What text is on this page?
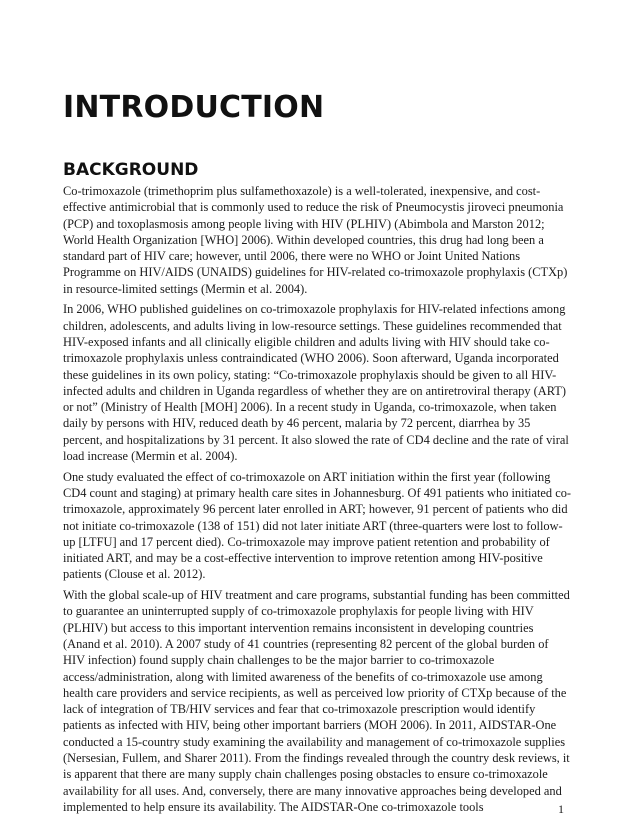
INTRODUCTION
BACKGROUND

Co-trimoxazole (trimethoprim plus sulfamethoxazole) is a well-tolerated, inexpensive, and cost-effective antimicrobial that is commonly used to reduce the risk of Pneumocystis jiroveci pneumonia (PCP) and toxoplasmosis among people living with HIV (PLHIV) (Abimbola and Marston 2012; World Health Organization [WHO] 2006). Within developed countries, this drug had long been a standard part of HIV care; however, until 2006, there were no WHO or Joint United Nations Programme on HIV/AIDS (UNAIDS) guidelines for HIV-related co-trimoxazole prophylaxis (CTXp) in resource-limited settings (Mermin et al. 2004).

In 2006, WHO published guidelines on co-trimoxazole prophylaxis for HIV-related infections among children, adolescents, and adults living in low-resource settings. These guidelines recommended that HIV-exposed infants and all clinically eligible children and adults living with HIV should take co-trimoxazole prophylaxis unless contraindicated (WHO 2006). Soon afterward, Uganda incorporated these guidelines in its own policy, stating: “Co-trimoxazole prophylaxis should be given to all HIV-infected adults and children in Uganda regardless of whether they are on antiretroviral therapy (ART) or not” (Ministry of Health [MOH] 2006). In a recent study in Uganda, co-trimoxazole, when taken daily by persons with HIV, reduced death by 46 percent, malaria by 72 percent, diarrhea by 35 percent, and hospitalizations by 31 percent. It also slowed the rate of CD4 decline and the rate of viral load increase (Mermin et al. 2004).

One study evaluated the effect of co-trimoxazole on ART initiation within the first year (following CD4 count and staging) at primary health care sites in Johannesburg. Of 491 patients who initiated co-trimoxazole, approximately 96 percent later enrolled in ART; however, 91 percent of patients who did not initiate co-trimoxazole (138 of 151) did not later initiate ART (three-quarters were lost to follow-up [LTFU] and 17 percent died). Co-trimoxazole may improve patient retention and probability of initiated ART, and may be a cost-effective intervention to improve retention among HIV-positive patients (Clouse et al. 2012).

With the global scale-up of HIV treatment and care programs, substantial funding has been committed to guarantee an uninterrupted supply of co-trimoxazole prophylaxis for people living with HIV (PLHIV) but access to this important intervention remains inconsistent in developing countries (Anand et al. 2010). A 2007 study of 41 countries (representing 82 percent of the global burden of HIV infection) found supply chain challenges to be the major barrier to co-trimoxazole access/administration, along with limited awareness of the benefits of co-trimoxazole use among health care providers and service recipients, as well as perceived low priority of CTXp because of the lack of integration of TB/HIV services and fear that co-trimoxazole prescription would identify patients as infected with HIV, being other important barriers (MOH 2006). In 2011, AIDSTAR-One conducted a 15-country study examining the availability and management of co-trimoxazole supplies (Nersesian, Fullem, and Sharer 2011). From the findings revealed through the country desk reviews, it is apparent that there are many supply chain challenges posing obstacles to ensure co-trimoxazole availability for all uses. And, conversely, there are many innovative approaches being developed and implemented to help ensure its availability. The AIDSTAR-One co-trimoxazole tools	1
